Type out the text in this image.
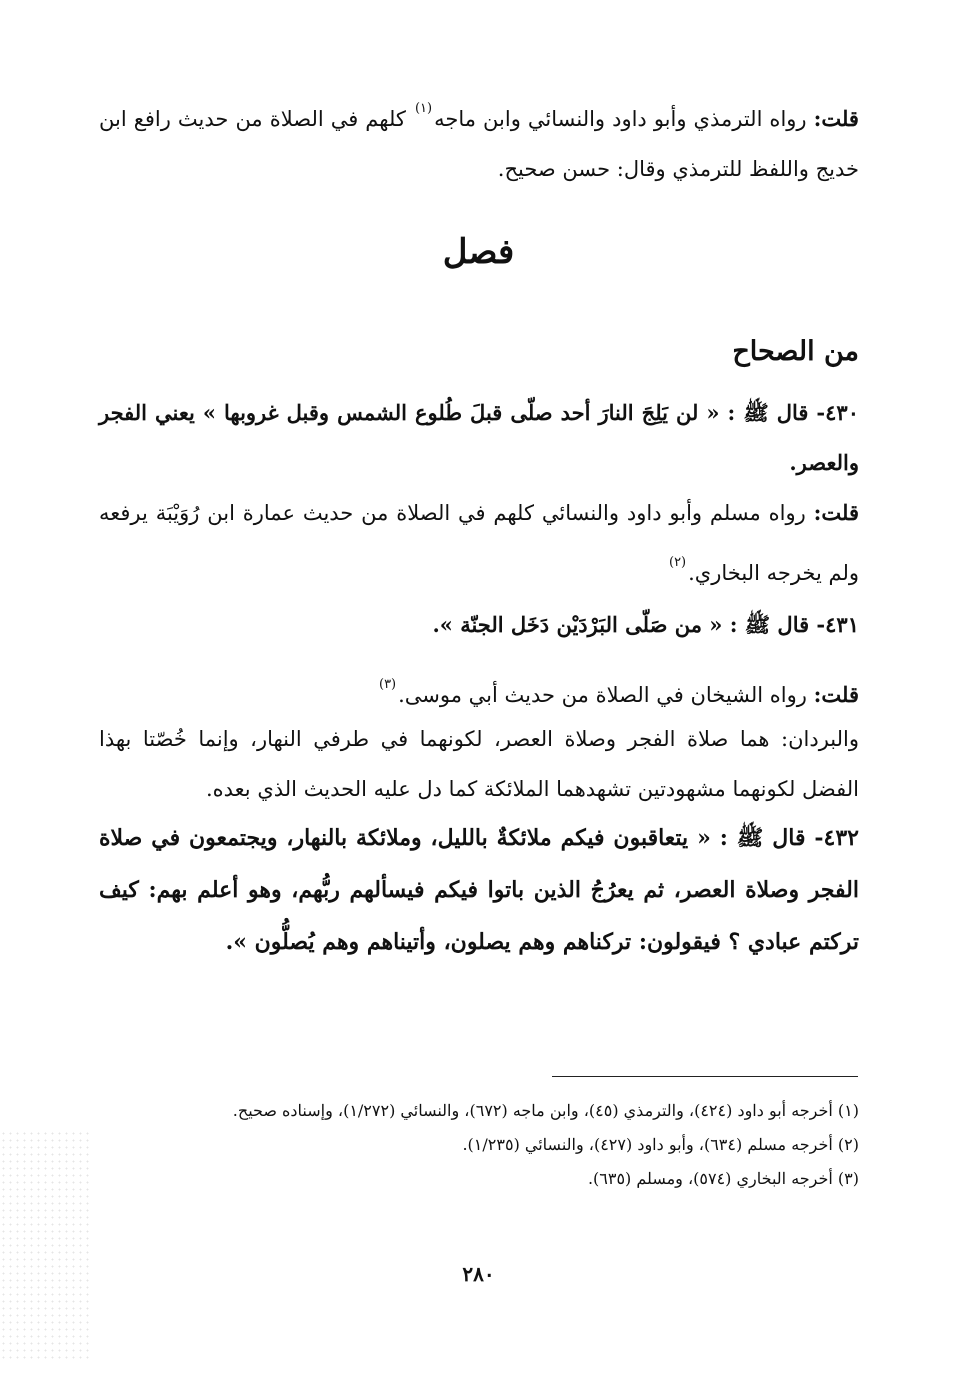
قلت: رواه الترمذي وأبو داود والنسائي وابن ماجه$^{(١)}$ كلهم في الصلاة من حديث رافع ابن خديج واللفظ للترمذي وقال: حسن صحيح.

فصل
من الصحاح

٤٣٠- قال ﷺ : « لن يَلِجَ النارَ أحد صلّى قبلَ طُلوع الشمس وقبل غروبها » يعني الفجر والعصر.

قلت: رواه مسلم وأبو داود والنسائي كلهم في الصلاة من حديث عمارة ابن رُوَيْبَة يرفعه ولم يخرجه البخاري.$^{(٢)}$

٤٣١- قال ﷺ : « من صَلّى البَرْدَيْن دَخَل الجنّة ».

قلت: رواه الشيخان في الصلاة من حديث أبي موسى.$^{(٣)}$

والبردان: هما صلاة الفجر وصلاة العصر، لكونهما في طرفي النهار، وإنما خُصّتا بهذا الفضل لكونهما مشهودتين تشهدهما الملائكة كما دل عليه الحديث الذي بعده.

٤٣٢- قال ﷺ : « يتعاقبون فيكم ملائكةٌ بالليل، وملائكة بالنهار، ويجتمعون في صلاة الفجر وصلاة العصر، ثم يعرُجُ الذين باتوا فيكم فيسألهم ربُّهم، وهو أعلم بهم: كيف تركتم عبادي ؟ فيقولون: تركناهم وهم يصلون، وأتيناهم وهم يُصلُّون ».

(١) أخرجه أبو داود (٤٢٤)، والترمذي (٤٥)، وابن ماجه (٦٧٢)، والنسائي (١/٢٧٢)، وإسناده صحيح.

(٢) أخرجه مسلم (٦٣٤)، وأبو داود (٤٢٧)، والنسائي (١/٢٣٥).

(٣) أخرجه البخاري (٥٧٤)، ومسلم (٦٣٥).

٢٨٠
